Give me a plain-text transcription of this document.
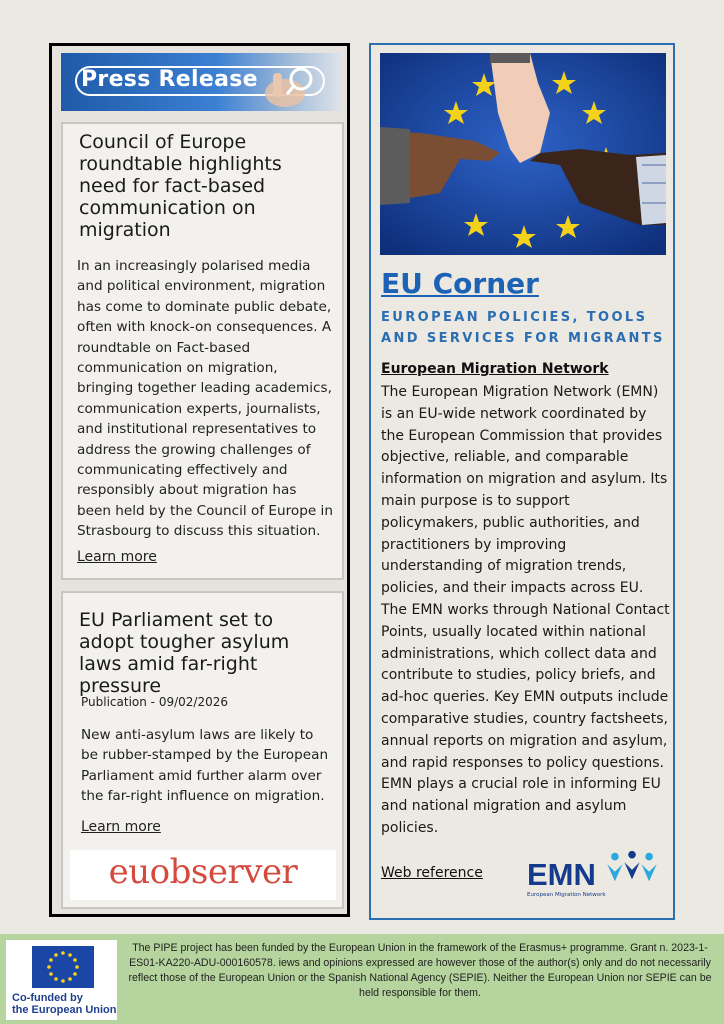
Press Release
Council of Europe roundtable highlights need for fact-based communication on migration
In an increasingly polarised media and political environment, migration has come to dominate public debate, often with knock-on consequences. A roundtable on Fact-based communication on migration, bringing together leading academics, communication experts, journalists, and institutional representatives to address the growing challenges of communicating effectively and responsibly about migration has been held by the Council of Europe in Strasbourg to discuss this situation.
Learn more
EU Parliament set to adopt tougher asylum laws amid far-right pressure
Publication - 09/02/2026
New anti-asylum laws are likely to be rubber-stamped by the European Parliament amid further alarm over the far-right influence on migration.
Learn more
euobserver
EU Corner
EUROPEAN POLICIES, TOOLS AND SERVICES FOR MIGRANTS
European Migration Network
The European Migration Network (EMN) is an EU-wide network coordinated by the European Commission that provides objective, reliable, and comparable information on migration and asylum. Its main purpose is to support policymakers, public authorities, and practitioners by improving understanding of migration trends, policies, and their impacts across EU. The EMN works through National Contact Points, usually located within national administrations, which collect data and contribute to studies, policy briefs, and ad-hoc queries. Key EMN outputs include comparative studies, country factsheets, annual reports on migration and asylum, and rapid responses to policy questions. EMN plays a crucial role in informing EU and national migration and asylum policies.
Web reference EMN
European Migration Network
Co-funded by
the European Union
The PIPE project has been funded by the European Union in the framework of the Erasmus+ programme. Grant n. 2023-1-ES01-KA220-ADU-000160578. iews and opinions expressed are however those of the author(s) only and do not necessarily reflect those of the European Union or the Spanish National Agency (SEPIE). Neither the European Union nor SEPIE can be held responsible for them.
